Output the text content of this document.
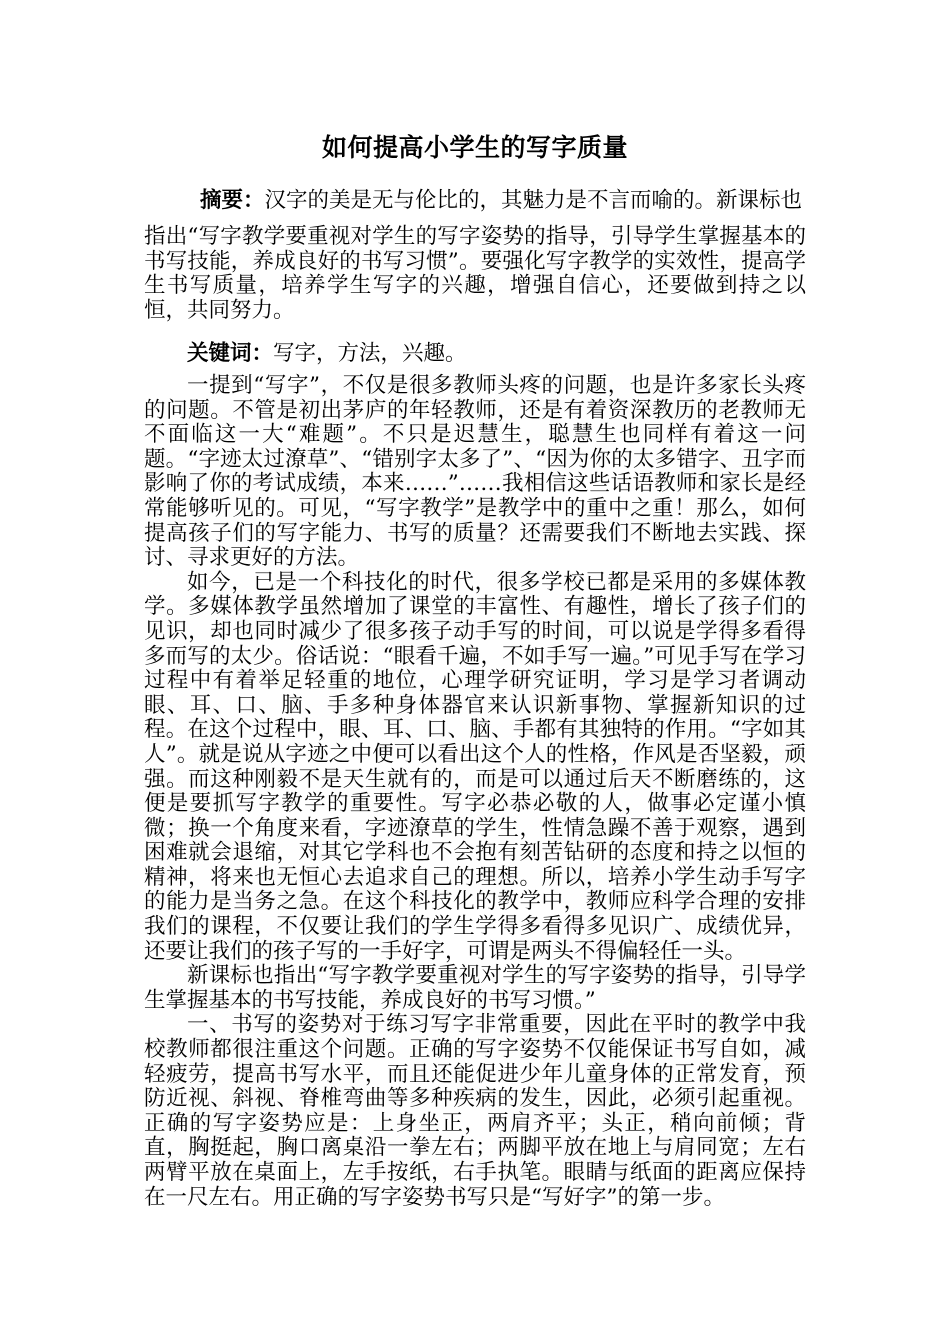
如何提高小学生的写字质量
摘要：汉字的美是无与伦比的，其魅力是不言而喻的。新课标也
指出“写字教学要重视对学生的写字姿势的指导，引导学生掌握基本的书写技能，养成良好的书写习惯”。要强化写字教学的实效性，提高学生书写质量，培养学生写字的兴趣，增强自信心，还要做到持之以恒，共同努力。
关键词：写字，方法，兴趣。

一提到“写字”，不仅是很多教师头疼的问题，也是许多家长头疼的问题。不管是初出茅庐的年轻教师，还是有着资深教历的老教师无不面临这一大“难题”。不只是迟慧生，聪慧生也同样有着这一问题。“字迹太过潦草”、“错别字太多了”、“因为你的太多错字、丑字而影响了你的考试成绩，本来……”……我相信这些话语教师和家长是经常能够听见的。可见，“写字教学”是教学中的重中之重！那么，如何提高孩子们的写字能力、书写的质量？还需要我们不断地去实践、探讨、寻求更好的方法。

如今，已是一个科技化的时代，很多学校已都是采用的多媒体教学。多媒体教学虽然增加了课堂的丰富性、有趣性，增长了孩子们的见识，却也同时减少了很多孩子动手写的时间，可以说是学得多看得多而写的太少。俗话说：“眼看千遍，不如手写一遍。”可见手写在学习过程中有着举足轻重的地位，心理学研究证明，学习是学习者调动眼、耳、口、脑、手多种身体器官来认识新事物、掌握新知识的过程。在这个过程中，眼、耳、口、脑、手都有其独特的作用。“字如其人”。就是说从字迹之中便可以看出这个人的性格，作风是否坚毅，顽强。而这种刚毅不是天生就有的，而是可以通过后天不断磨练的，这便是要抓写字教学的重要性。写字必恭必敬的人，做事必定谨小慎微；换一个角度来看，字迹潦草的学生，性情急躁不善于观察，遇到困难就会退缩，对其它学科也不会抱有刻苦钻研的态度和持之以恒的精神，将来也无恒心去追求自己的理想。所以，培养小学生动手写字的能力是当务之急。在这个科技化的教学中，教师应科学合理的安排我们的课程，不仅要让我们的学生学得多看得多见识广、成绩优异，还要让我们的孩子写的一手好字，可谓是两头不得偏轻任一头。

新课标也指出“写字教学要重视对学生的写字姿势的指导，引导学生掌握基本的书写技能，养成良好的书写习惯。”

一、书写的姿势对于练习写字非常重要，因此在平时的教学中我校教师都很注重这个问题。正确的写字姿势不仅能保证书写自如，减轻疲劳，提高书写水平，而且还能促进少年儿童身体的正常发育，预防近视、斜视、脊椎弯曲等多种疾病的发生，因此，必须引起重视。 正确的写字姿势应是：上身坐正，两肩齐平；头正，稍向前倾；背直，胸挺起，胸口离桌沿一拳左右；两脚平放在地上与肩同宽；左右两臂平放在桌面上，左手按纸，右手执笔。眼睛与纸面的距离应保持在一尺左右。用正确的写字姿势书写只是“写好字”的第一步。
